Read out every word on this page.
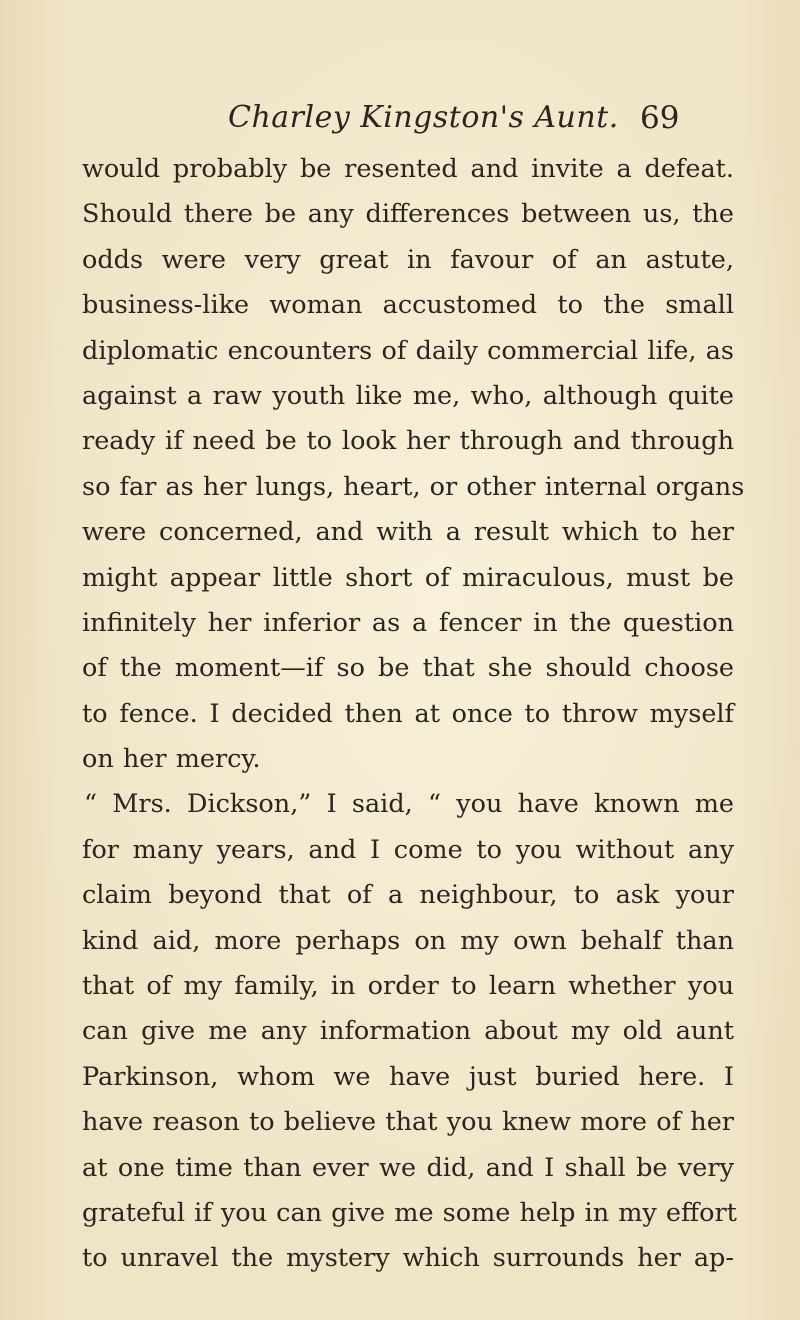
Charley Kingston's Aunt. 69
would probably be resented and invite a defeat.
Should there be any differences between us, the
odds were very great in favour of an astute,
business-like woman accustomed to the small
diplomatic encounters of daily commercial life, as
against a raw youth like me, who, although quite
ready if need be to look her through and through
so far as her lungs, heart, or other internal organs
were concerned, and with a result which to her
might appear little short of miraculous, must be
infinitely her inferior as a fencer in the question
of the moment—if so be that she should choose
to fence. I decided then at once to throw myself
on her mercy.
“ Mrs. Dickson,” I said, “ you have known me
for many years, and I come to you without any
claim beyond that of a neighbour, to ask your
kind aid, more perhaps on my own behalf than
that of my family, in order to learn whether you
can give me any information about my old aunt
Parkinson, whom we have just buried here. I
have reason to believe that you knew more of her
at one time than ever we did, and I shall be very
grateful if you can give me some help in my effort
to unravel the mystery which surrounds her ap-
